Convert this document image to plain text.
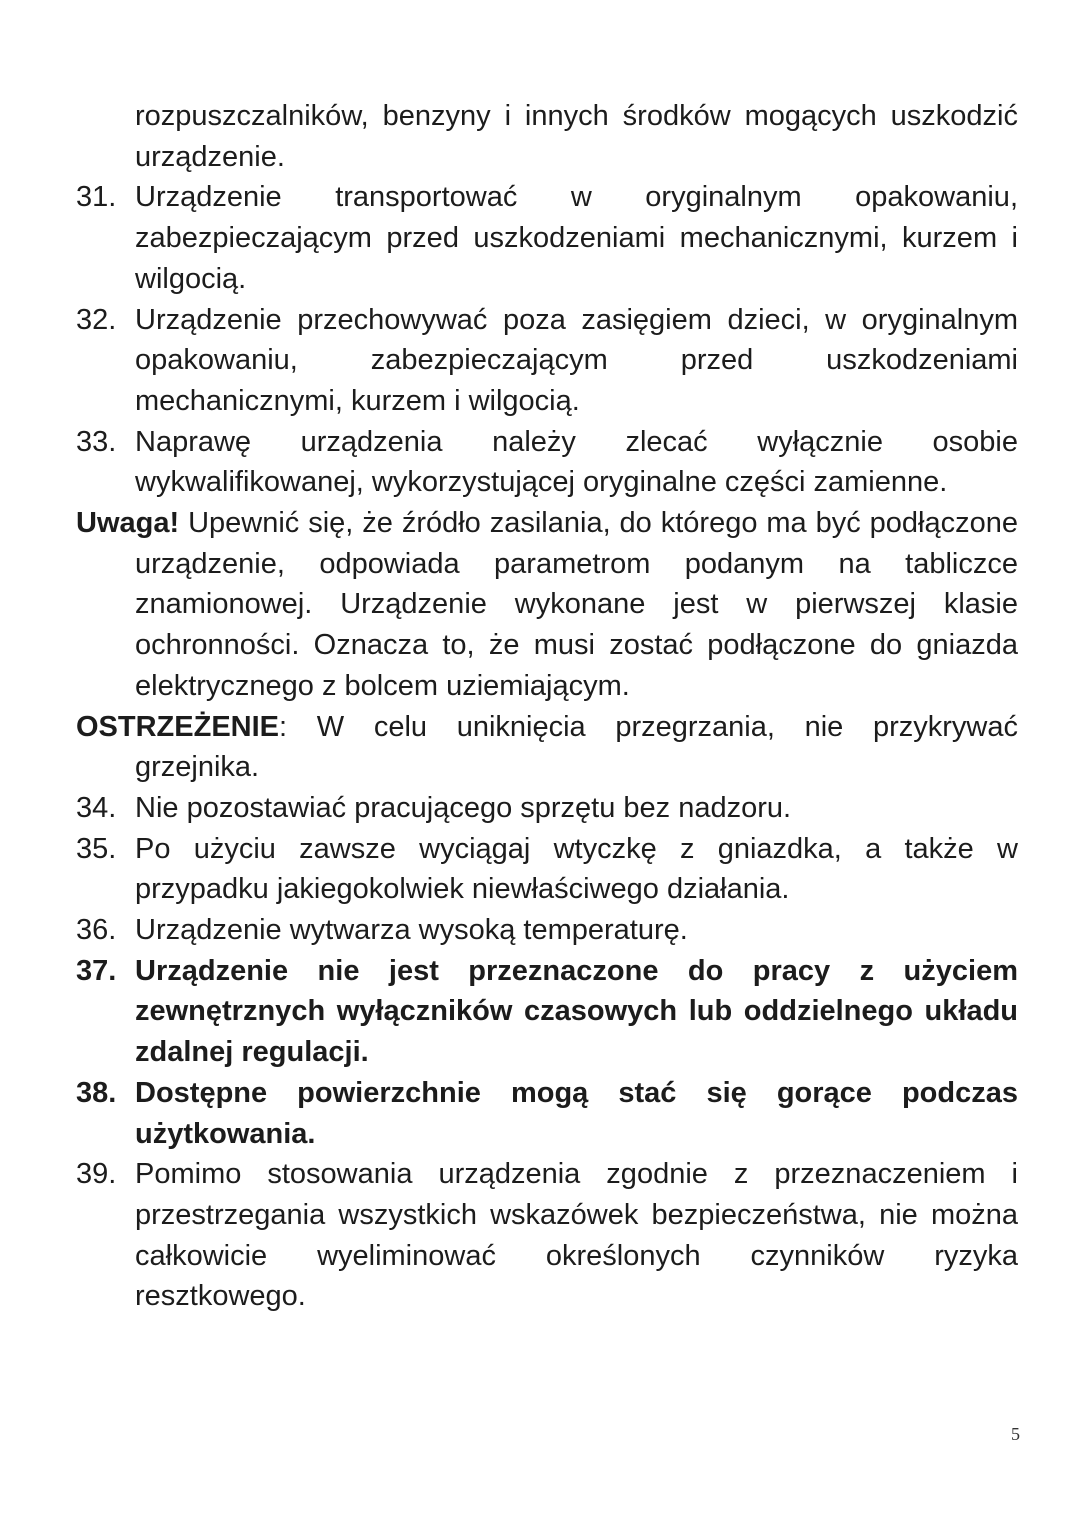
rozpuszczalników, benzyny i innych środków mogących uszkodzić urządzenie.
31. Urządzenie transportować w oryginalnym opakowaniu, zabezpieczającym przed uszkodzeniami mechanicznymi, kurzem i wilgocią.
32. Urządzenie przechowywać poza zasięgiem dzieci, w oryginalnym opakowaniu, zabezpieczającym przed uszkodzeniami mechanicznymi, kurzem i wilgocią.
33. Naprawę urządzenia należy zlecać wyłącznie osobie wykwalifikowanej, wykorzystującej oryginalne części zamienne.
Uwaga! Upewnić się, że źródło zasilania, do którego ma być podłączone urządzenie, odpowiada parametrom podanym na tabliczce znamionowej. Urządzenie wykonane jest w pierwszej klasie ochronności. Oznacza to, że musi zostać podłączone do gniazda elektrycznego z bolcem uziemiającym.
OSTRZEŻENIE: W celu uniknięcia przegrzania, nie przykrywać grzejnika.
34. Nie pozostawiać pracującego sprzętu bez nadzoru.
35. Po użyciu zawsze wyciągaj wtyczkę z gniazdka, a także w przypadku jakiegokolwiek niewłaściwego działania.
36. Urządzenie wytwarza wysoką temperaturę.
37. Urządzenie nie jest przeznaczone do pracy z użyciem zewnętrznych wyłączników czasowych lub oddzielnego układu zdalnej regulacji.
38. Dostępne powierzchnie mogą stać się gorące podczas użytkowania.
39. Pomimo stosowania urządzenia zgodnie z przeznaczeniem i przestrzegania wszystkich wskazówek bezpieczeństwa, nie można całkowicie wyeliminować określonych czynników ryzyka resztkowego.
5
